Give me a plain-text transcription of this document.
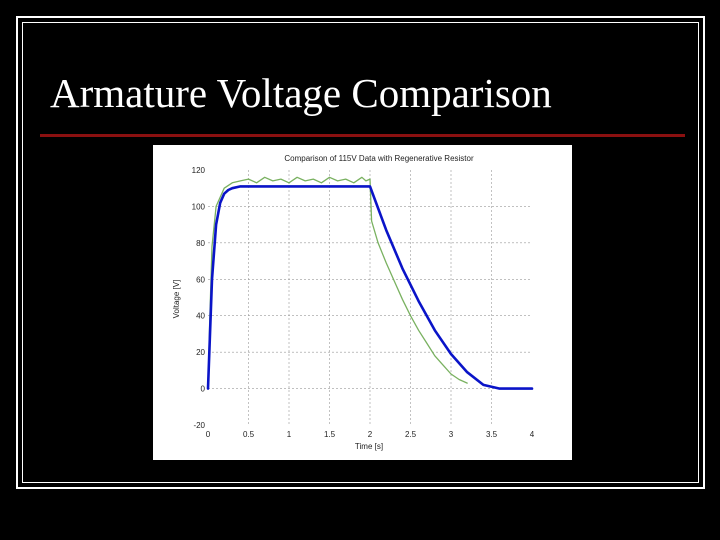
Armature Voltage Comparison
0	0.5	1	1.5	2	2.5	3	3.5	4
-20
0
20
40
60
80
100
120
Comparison of 115V Data with Regenerative Resistor
Time [s]
Voltage [V]
